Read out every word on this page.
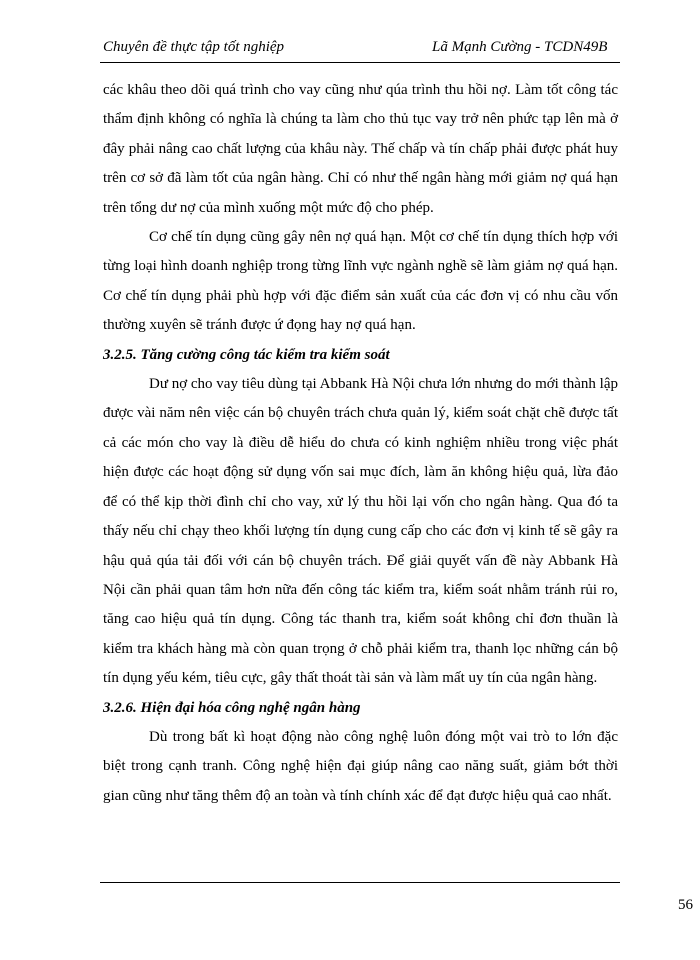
Chuyên đề thực tập tốt nghiệp	Lã Mạnh Cường - TCDN49B

các khâu theo dõi quá trình cho vay cũng như qúa trình thu hồi nợ. Làm tốt công tác thẩm định không có nghĩa là chúng ta làm cho thủ tục vay trở nên phức tạp lên mà ở đây phải nâng cao chất lượng của khâu này. Thế chấp và tín chấp phải được phát huy trên cơ sở đã làm tốt của ngân hàng. Chỉ có như thế ngân hàng mới giảm nợ quá hạn trên tổng dư nợ của mình xuống một mức độ cho phép.

Cơ chế tín dụng cũng gây nên nợ quá hạn. Một cơ chế tín dụng thích hợp với từng loại hình doanh nghiệp trong từng lĩnh vực ngành nghề sẽ làm giảm nợ quá hạn. Cơ chế tín dụng phải phù hợp với đặc điểm sản xuất của các đơn vị có nhu cầu vốn thường xuyên sẽ tránh được ứ đọng hay nợ quá hạn.

3.2.5. Tăng cường công tác kiểm tra kiểm soát

Dư nợ cho vay tiêu dùng tại Abbank Hà Nội chưa lớn nhưng do mới thành lập được vài năm nên việc cán bộ chuyên trách chưa quản lý, kiểm soát chặt chẽ được tất cả các món cho vay là điều dễ hiểu do chưa có kinh nghiệm nhiều trong việc phát hiện được các hoạt động sử dụng vốn sai mục đích, làm ăn không hiệu quả, lừa đảo để có thể kịp thời đình chỉ cho vay, xử lý thu hồi lại vốn cho ngân hàng. Qua đó ta thấy nếu chỉ chạy theo khối lượng tín dụng cung cấp cho các đơn vị kinh tế sẽ gây ra hậu quả qúa tải đối với cán bộ chuyên trách. Để giải quyết vấn đề này Abbank Hà Nội cần phải quan tâm hơn nữa đến công tác kiểm tra, kiểm soát nhằm tránh rủi ro, tăng cao hiệu quả tín dụng. Công tác thanh tra, kiểm soát không chỉ đơn thuần là kiểm tra khách hàng mà còn quan trọng ở chỗ phải kiểm tra, thanh lọc những cán bộ tín dụng yếu kém, tiêu cực, gây thất thoát tài sản và làm mất uy tín của ngân hàng.

3.2.6. Hiện đại hóa công nghệ ngân hàng

Dù trong bất kì hoạt động nào công nghệ luôn đóng một vai trò to lớn đặc biệt trong cạnh tranh. Công nghệ hiện đại giúp nâng cao năng suất, giảm bớt thời gian cũng như tăng thêm độ an toàn và tính chính xác để đạt được hiệu quả cao nhất.

56
